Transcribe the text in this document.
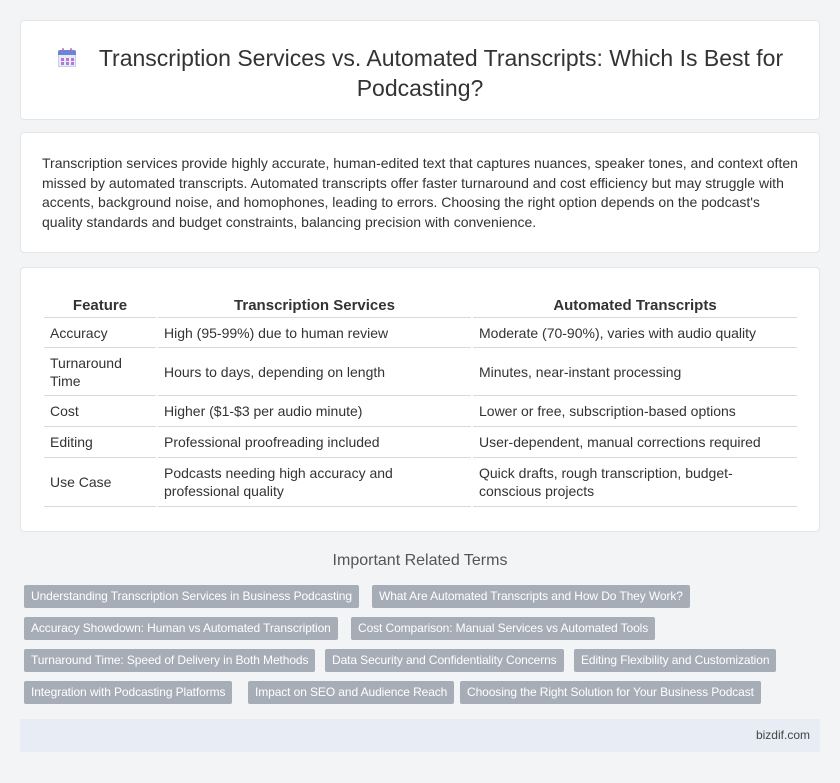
Transcription Services vs. Automated Transcripts: Which Is Best for Podcasting?

Transcription services provide highly accurate, human-edited text that captures nuances, speaker tones, and context often missed by automated transcripts. Automated transcripts offer faster turnaround and cost efficiency but may struggle with accents, background noise, and homophones, leading to errors. Choosing the right option depends on the podcast's quality standards and budget constraints, balancing precision with convenience.

Feature	Transcription Services	Automated Transcripts
Accuracy	High (95-99%) due to human review	Moderate (70-90%), varies with audio quality
Turnaround Time	Hours to days, depending on length	Minutes, near-instant processing
Cost	Higher ($1-$3 per audio minute)	Lower or free, subscription-based options
Editing	Professional proofreading included	User-dependent, manual corrections required
Use Case	Podcasts needing high accuracy and professional quality	Quick drafts, rough transcription, budget-conscious projects
Important Related Terms
Understanding Transcription Services in Business Podcasting	What Are Automated Transcripts and How Do They Work?
Accuracy Showdown: Human vs Automated Transcription	Cost Comparison: Manual Services vs Automated Tools
Turnaround Time: Speed of Delivery in Both Methods	Data Security and Confidentiality Concerns	Editing Flexibility and Customization
Integration with Podcasting Platforms	Impact on SEO and Audience Reach	Choosing the Right Solution for Your Business Podcast
bizdif.com
